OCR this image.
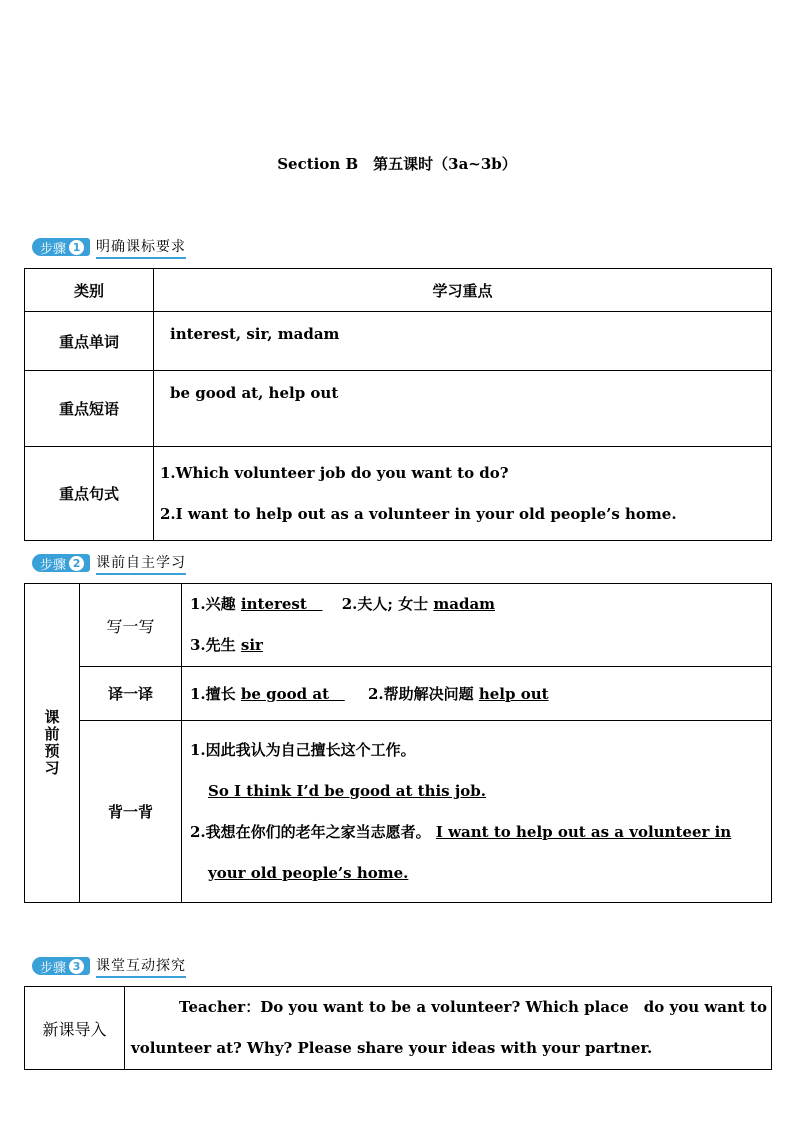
Section B　第五课时（3a~3b）
步骤 1 明确课标要求
类别	学习重点
重点单词	interest, sir, madam

重点短语	be good at, help out

重点句式	1.Which volunteer job do you want to do?
2.I want to help out as a volunteer in your old people’s home.
步骤 2 课前自主学习
课前预习	写一写	1.兴趣 interest 2.夫人; 女士 madam
3.先生 sir

	译一译	1.擅长 be good at 2.帮助解决问题 help out

	背一背	1.因此我认为自己擅长这个工作。
So I think I’d be good at this job.
2.我想在你们的老年之家当志愿者。 I want to help out as a volunteer in
your old people’s home.
步骤 3 课堂互动探究
新课导入	
Teacher：Do you want to be a volunteer? Which place　do you want to
volunteer at? Why? Please share your ideas with your partner.
